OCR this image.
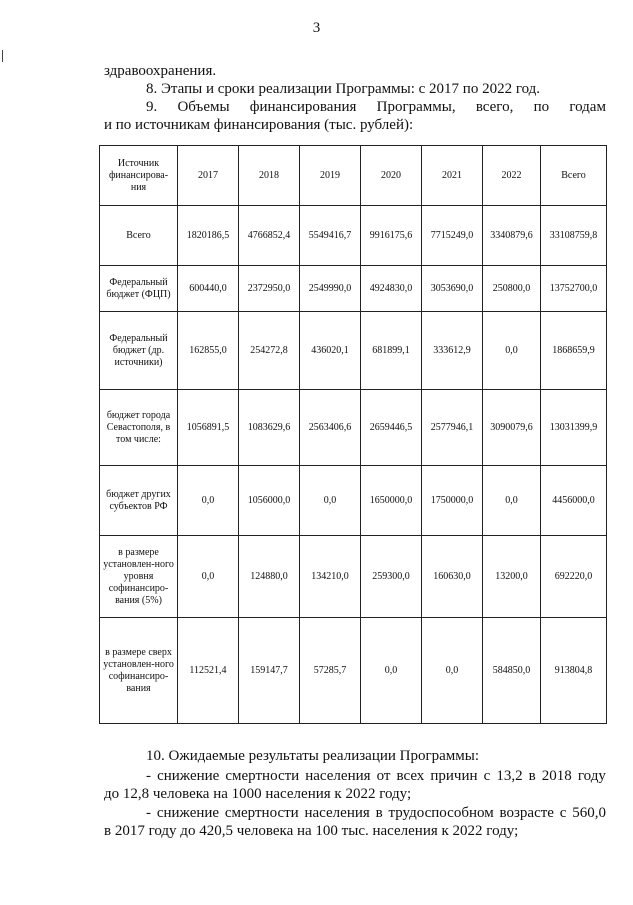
3
здравоохранения.
8. Этапы и сроки реализации Программы: с 2017 по 2022 год.
9. Объемы финансирования Программы, всего, по годам
и по источникам финансирования (тыс. рублей):
Источник финансирова-ния	2017	2018	2019	2020	2021	2022	Всего
Всего	1820186,5	4766852,4	5549416,7	9916175,6	7715249,0	3340879,6	33108759,8
Федеральный бюджет (ФЦП)	600440,0	2372950,0	2549990,0	4924830,0	3053690,0	250800,0	13752700,0
Федеральный бюджет (др. источники)	162855,0	254272,8	436020,1	681899,1	333612,9	0,0	1868659,9
бюджет города Севастополя, в том числе:	1056891,5	1083629,6	2563406,6	2659446,5	2577946,1	3090079,6	13031399,9
бюджет других субъектов РФ	0,0	1056000,0	0,0	1650000,0	1750000,0	0,0	4456000,0
в размере установлен-ного уровня софинансиро-вания (5%)	0,0	124880,0	134210,0	259300,0	160630,0	13200,0	692220,0
в размере сверх установлен-ного софинансиро-вания	112521,4	159147,7	57285,7	0,0	0,0	584850,0	913804,8
10. Ожидаемые результаты реализации Программы:
- снижение смертности населения от всех причин с 13,2 в 2018 году
до 12,8 человека на 1000 населения к 2022 году;
- снижение смертности населения в трудоспособном возрасте с 560,0
в 2017 году до 420,5 человека на 100 тыс. населения к 2022 году;
